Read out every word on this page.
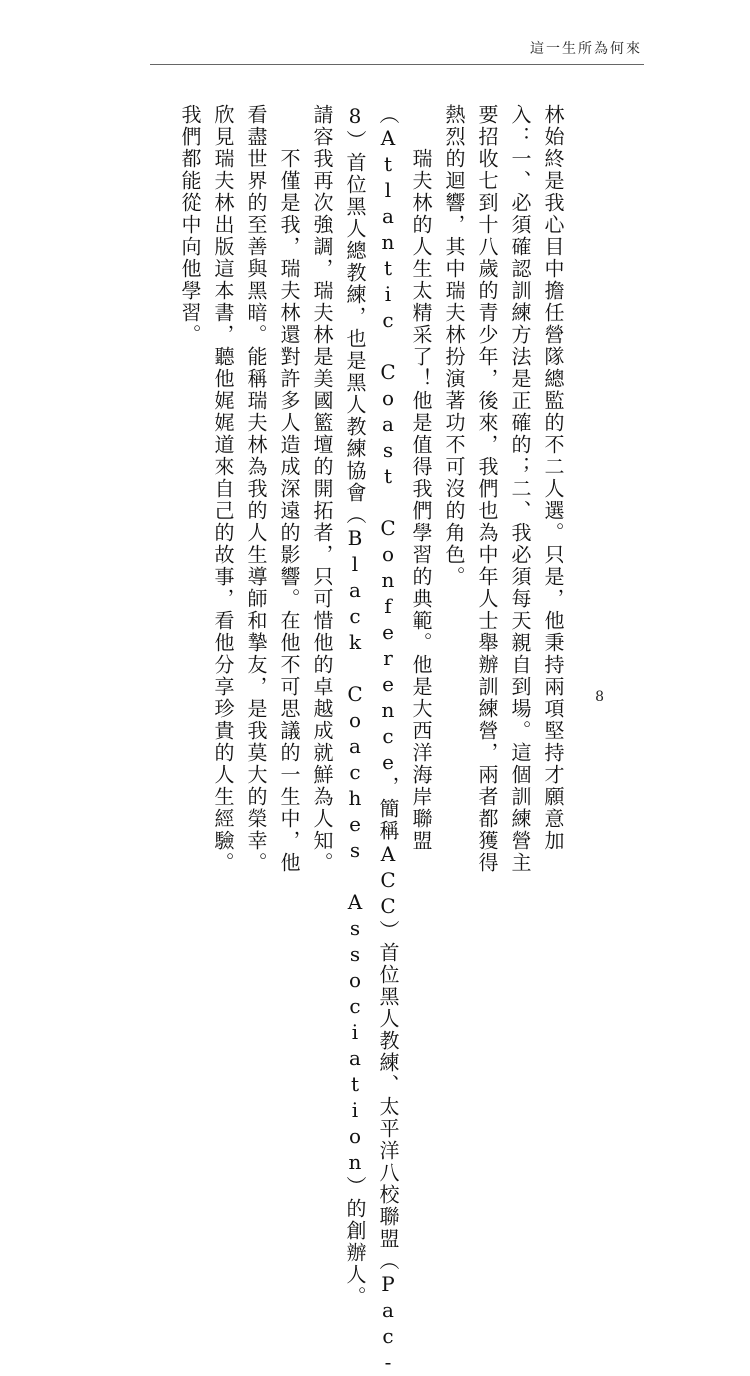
這一生所為何來
林始終是我心目中擔任營隊總監的不二人選。只是，他秉持兩項堅持才願意加
入：一、必須確認訓練方法是正確的；二、我必須每天親自到場。這個訓練營主
要招收七到十八歲的青少年，後來，我們也為中年人士舉辦訓練營，兩者都獲得
熱烈的迴響，其中瑞夫林扮演著功不可沒的角色。
瑞夫林的人生太精采了！他是值得我們學習的典範。他是大西洋海岸聯盟
（Atlantic Coast Conference，簡稱ACC）首位黑人教練、太平洋八校聯盟（Pac-
8）首位黑人總教練，也是黑人教練協會（Black Coaches Association）的創辦人。
請容我再次強調，瑞夫林是美國籃壇的開拓者，只可惜他的卓越成就鮮為人知。
不僅是我，瑞夫林還對許多人造成深遠的影響。在他不可思議的一生中，他
看盡世界的至善與黑暗。能稱瑞夫林為我的人生導師和摯友，是我莫大的榮幸。
欣見瑞夫林出版這本書，聽他娓娓道來自己的故事，看他分享珍貴的人生經驗。
我們都能從中向他學習。
8
